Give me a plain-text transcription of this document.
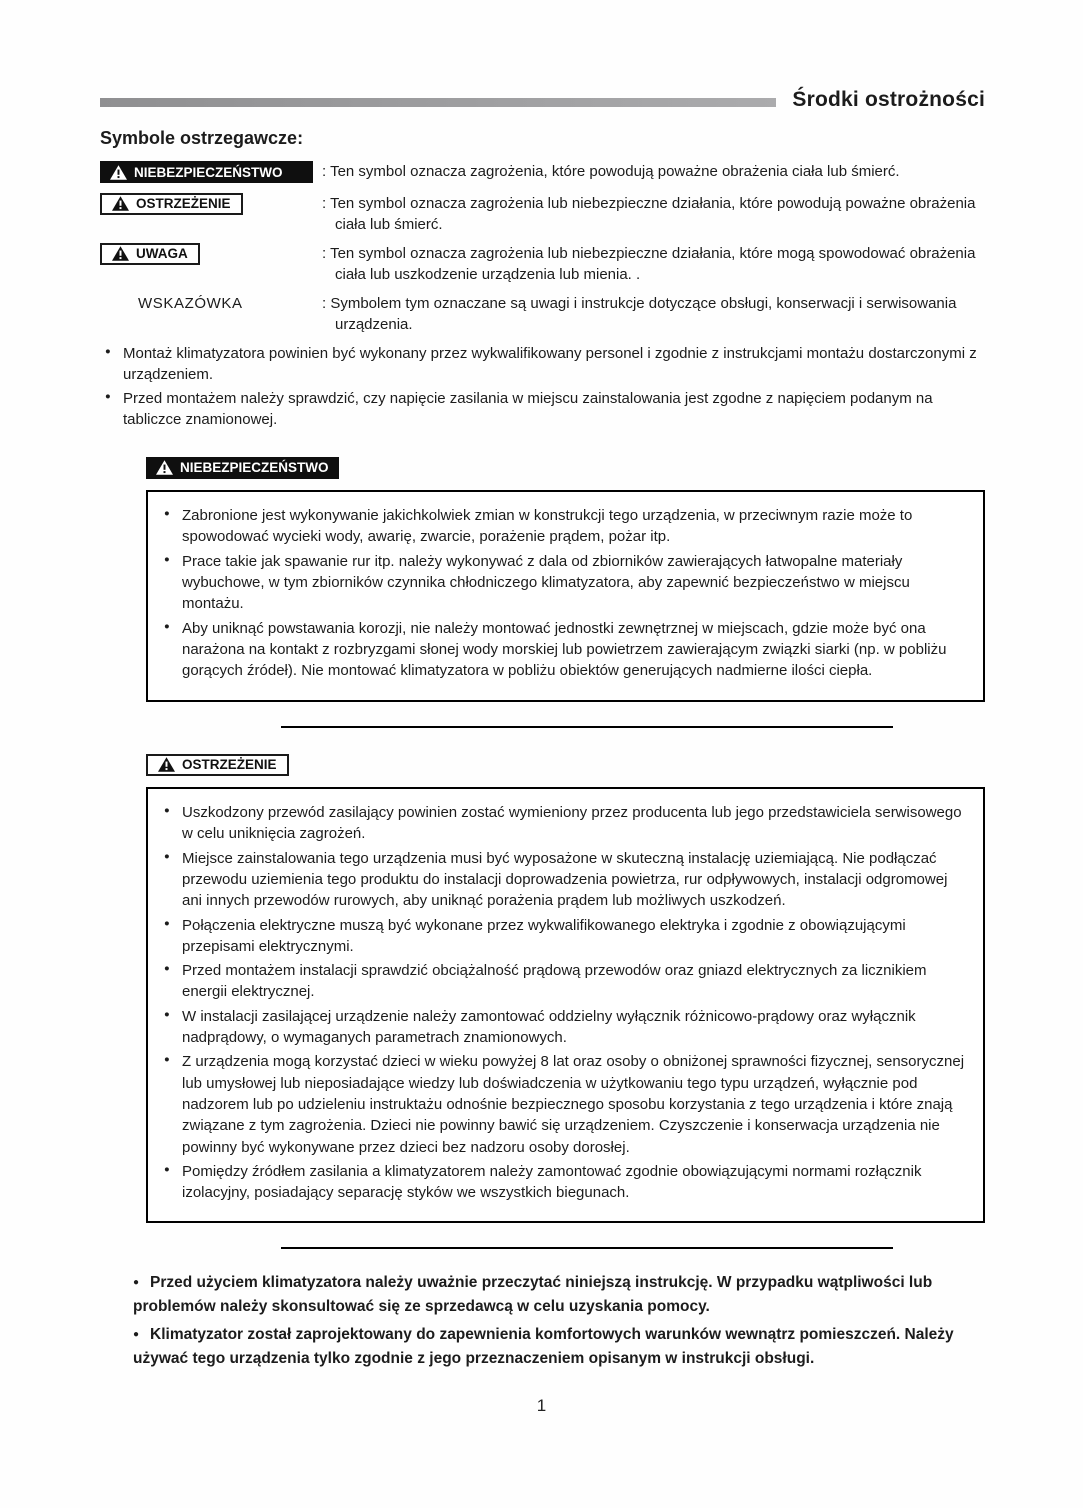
Środki ostrożności
Symbole ostrzegawcze:
NIEBEZPIECZEŃSTWO	: Ten symbol oznacza zagrożenia, które powodują poważne obrażenia ciała lub śmierć.
OSTRZEŻENIE	: Ten symbol oznacza zagrożenia lub niebezpieczne działania, które powodują poważne obrażenia ciała lub śmierć.
UWAGA	: Ten symbol oznacza zagrożenia lub niebezpieczne działania, które mogą spowodować obrażenia ciała lub uszkodzenie urządzenia lub mienia. .
WSKAZÓWKA	: Symbolem tym oznaczane są uwagi i instrukcje dotyczące obsługi, konserwacji i serwisowania urządzenia.
● Montaż klimatyzatora powinien być wykonany przez wykwalifikowany personel i zgodnie z instrukcjami montażu dostarczonymi z urządzeniem.
● Przed montażem należy sprawdzić, czy napięcie zasilania w miejscu zainstalowania jest zgodne z napięciem podanym na tabliczce znamionowej.
NIEBEZPIECZEŃSTWO
● Zabronione jest wykonywanie jakichkolwiek zmian w konstrukcji tego urządzenia, w przeciwnym razie może to spowodować wycieki wody, awarię, zwarcie, porażenie prądem, pożar itp.
● Prace takie jak spawanie rur itp. należy wykonywać z dala od zbiorników zawierających łatwopalne materiały wybuchowe, w tym zbiorników czynnika chłodniczego klimatyzatora, aby zapewnić bezpieczeństwo w miejscu montażu.
● Aby uniknąć powstawania korozji, nie należy montować jednostki zewnętrznej w miejscach, gdzie może być ona narażona na kontakt z rozbryzgami słonej wody morskiej lub powietrzem zawierającym związki siarki (np. w pobliżu gorących źródeł). Nie montować klimatyzatora w pobliżu obiektów generujących nadmierne ilości ciepła.
OSTRZEŻENIE
● Uszkodzony przewód zasilający powinien zostać wymieniony przez producenta lub jego przedstawiciela serwisowego w celu uniknięcia zagrożeń.
● Miejsce zainstalowania tego urządzenia musi być wyposażone w skuteczną instalację uziemiającą. Nie podłączać przewodu uziemienia tego produktu do instalacji doprowadzenia powietrza, rur odpływowych, instalacji odgromowej ani innych przewodów rurowych, aby uniknąć porażenia prądem lub możliwych uszkodzeń.
● Połączenia elektryczne muszą być wykonane przez wykwalifikowanego elektryka i zgodnie z obowiązującymi przepisami elektrycznymi.
● Przed montażem instalacji sprawdzić obciążalność prądową przewodów oraz gniazd elektrycznych za licznikiem energii elektrycznej.
● W instalacji zasilającej urządzenie należy zamontować oddzielny wyłącznik różnicowo-prądowy oraz wyłącznik nadprądowy, o wymaganych parametrach znamionowych.
● Z urządzenia mogą korzystać dzieci w wieku powyżej 8 lat oraz osoby o obniżonej sprawności fizycznej, sensorycznej lub umysłowej lub nieposiadające wiedzy lub doświadczenia w użytkowaniu tego typu urządzeń, wyłącznie pod nadzorem lub po udzieleniu instruktażu odnośnie bezpiecznego sposobu korzystania z tego urządzenia i które znają związane z tym zagrożenia. Dzieci nie powinny bawić się urządzeniem. Czyszczenie i konserwacja urządzenia nie powinny być wykonywane przez dzieci bez nadzoru osoby dorosłej.
● Pomiędzy źródłem zasilania a klimatyzatorem należy zamontować zgodnie obowiązującymi normami rozłącznik izolacyjny, posiadający separację styków we wszystkich biegunach.

● Przed użyciem klimatyzatora należy uważnie przeczytać niniejszą instrukcję. W przypadku wątpliwości lub problemów należy skonsultować się ze sprzedawcą w celu uzyskania pomocy.

● Klimatyzator został zaprojektowany do zapewnienia komfortowych warunków wewnątrz pomieszczeń. Należy używać tego urządzenia tylko zgodnie z jego przeznaczeniem opisanym w instrukcji obsługi.

1
